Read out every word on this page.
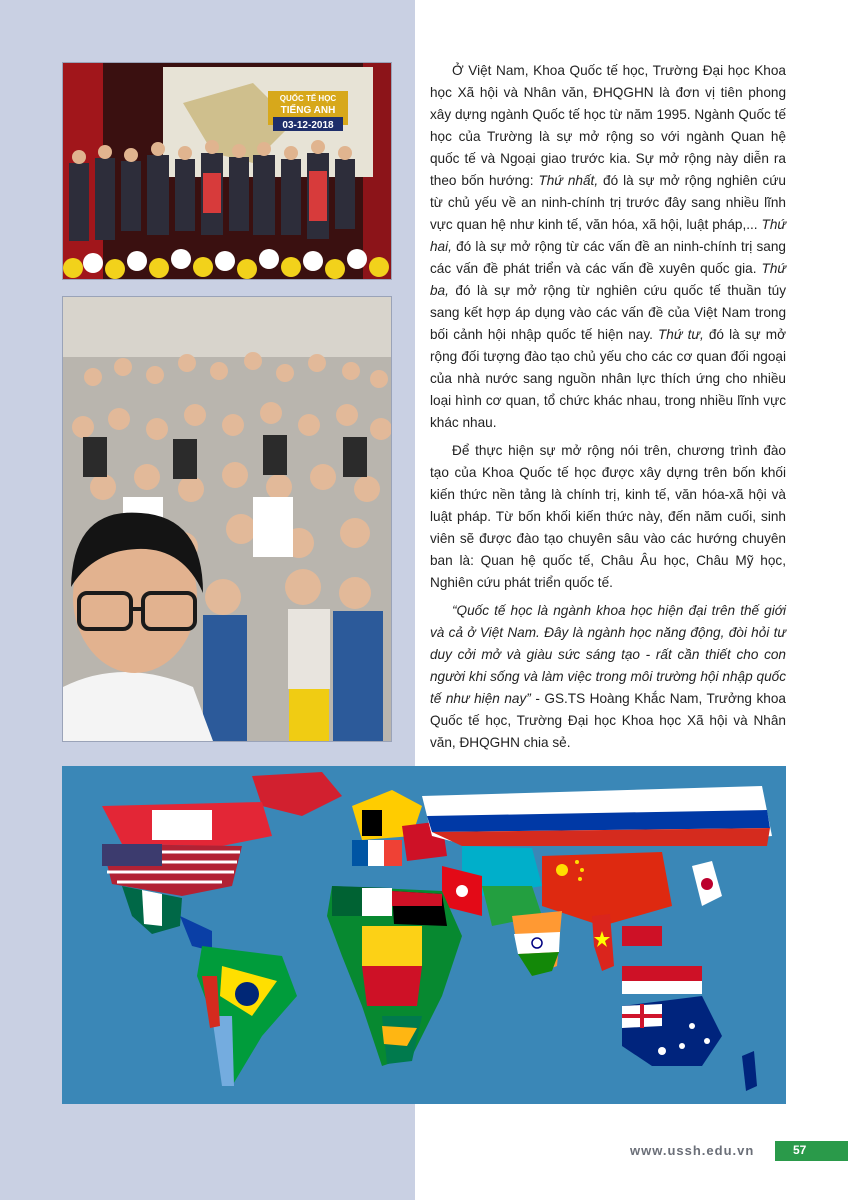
QUỐC TẾ HỌC
TIẾNG ANH
03-12-2018

Ở Việt Nam, Khoa Quốc tế học, Trường Đại học Khoa học Xã hội và Nhân văn, ĐHQGHN là đơn vị tiên phong xây dựng ngành Quốc tế học từ năm 1995. Ngành Quốc tế học của Trường là sự mở rộng so với ngành Quan hệ quốc tế và Ngoại giao trước kia. Sự mở rộng này diễn ra theo bốn hướng: Thứ nhất, đó là sự mở rộng nghiên cứu từ chủ yếu về an ninh-chính trị trước đây sang nhiều lĩnh vực quan hệ như kinh tế, văn hóa, xã hội, luật pháp,... Thứ hai, đó là sự mở rộng từ các vấn đề an ninh-chính trị sang các vấn đề phát triển và các vấn đề xuyên quốc gia. Thứ ba, đó là sự mở rộng từ nghiên cứu quốc tế thuần túy sang kết hợp áp dụng vào các vấn đề của Việt Nam trong bối cảnh hội nhập quốc tế hiện nay. Thứ tư, đó là sự mở rộng đối tượng đào tạo chủ yếu cho các cơ quan đối ngoại của nhà nước sang nguồn nhân lực thích ứng cho nhiều loại hình cơ quan, tổ chức khác nhau, trong nhiều lĩnh vực khác nhau.

Để thực hiện sự mở rộng nói trên, chương trình đào tạo của Khoa Quốc tế học được xây dựng trên bốn khối kiến thức nền tảng là chính trị, kinh tế, văn hóa-xã hội và luật pháp. Từ bốn khối kiến thức này, đến năm cuối, sinh viên sẽ được đào tạo chuyên sâu vào các hướng chuyên ban là: Quan hệ quốc tế, Châu Âu học, Châu Mỹ học, Nghiên cứu phát triển quốc tế.

“Quốc tế học là ngành khoa học hiện đại trên thế giới và cả ở Việt Nam. Đây là ngành học năng động, đòi hỏi tư duy cởi mở và giàu sức sáng tạo - rất cần thiết cho con người khi sống và làm việc trong môi trường hội nhập quốc tế như hiện nay” - GS.TS Hoàng Khắc Nam, Trưởng khoa Quốc tế học, Trường Đại học Khoa học Xã hội và Nhân văn, ĐHQGHN chia sẻ.

www.ussh.edu.vn	57
